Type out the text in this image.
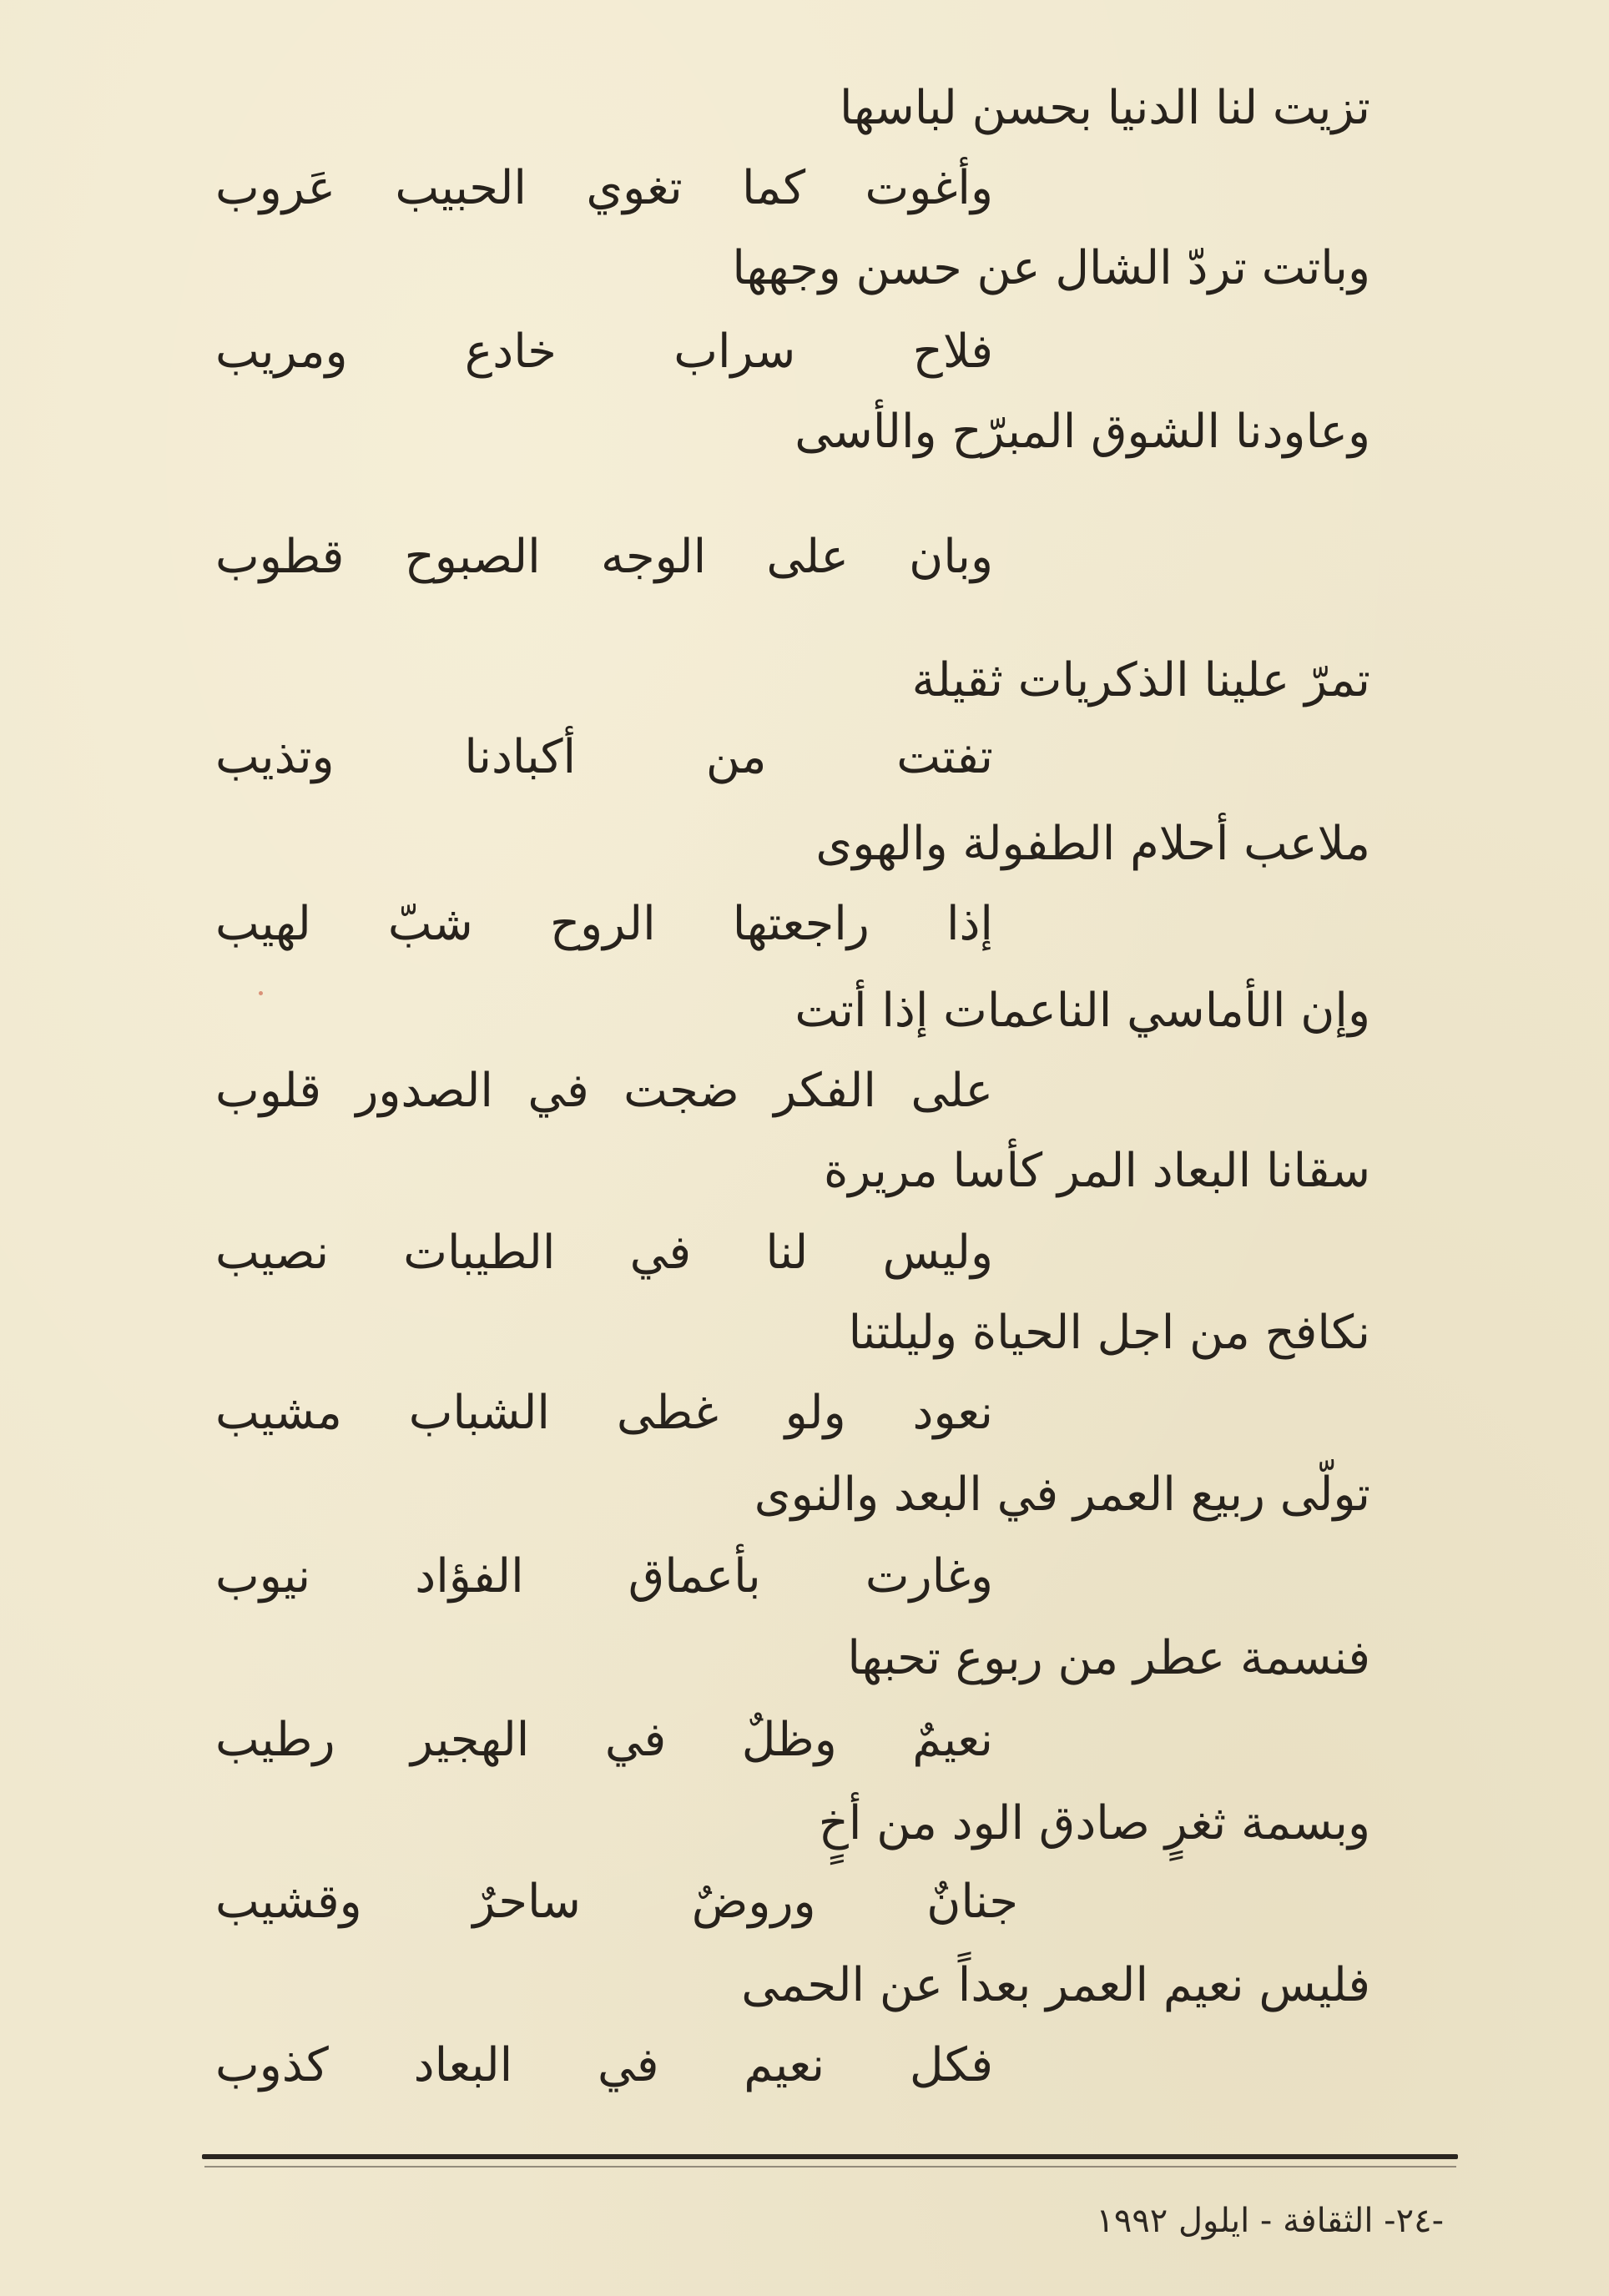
تزيت لنا الدنيا بحسن لباسها
وأغوت كما تغوي الحبيب عَروب
وباتت تردّ الشال عن حسن وجهها
فلاح سراب خادع ومريب
وعاودنا الشوق المبرّح والأسى
وبان على الوجه الصبوح قطوب
تمرّ علينا الذكريات ثقيلة
تفتت من أكبادنا وتذيب
ملاعب أحلام الطفولة والهوى
إذا راجعتها الروح شبّ لهيب
وإن الأماسي الناعمات إذا أتت
على الفكر ضجت في الصدور قلوب
سقانا البعاد المر كأسا مريرة
وليس لنا في الطيبات نصيب
نكافح من اجل الحياة وليلتنا
نعود ولو غطى الشباب مشيب
تولّى ربيع العمر في البعد والنوى
وغارت بأعماق الفؤاد نيوب
فنسمة عطر من ربوع تحبها
نعيمٌ وظلٌ في الهجير رطيب
وبسمة ثغرٍ صادق الود من أخٍ
جنانٌ وروضٌ ساحرٌ وقشيب
فليس نعيم العمر بعداً عن الحمى
فكل نعيم في البعاد كذوب
-٢٤- الثقافة - ايلول ١٩٩٢
